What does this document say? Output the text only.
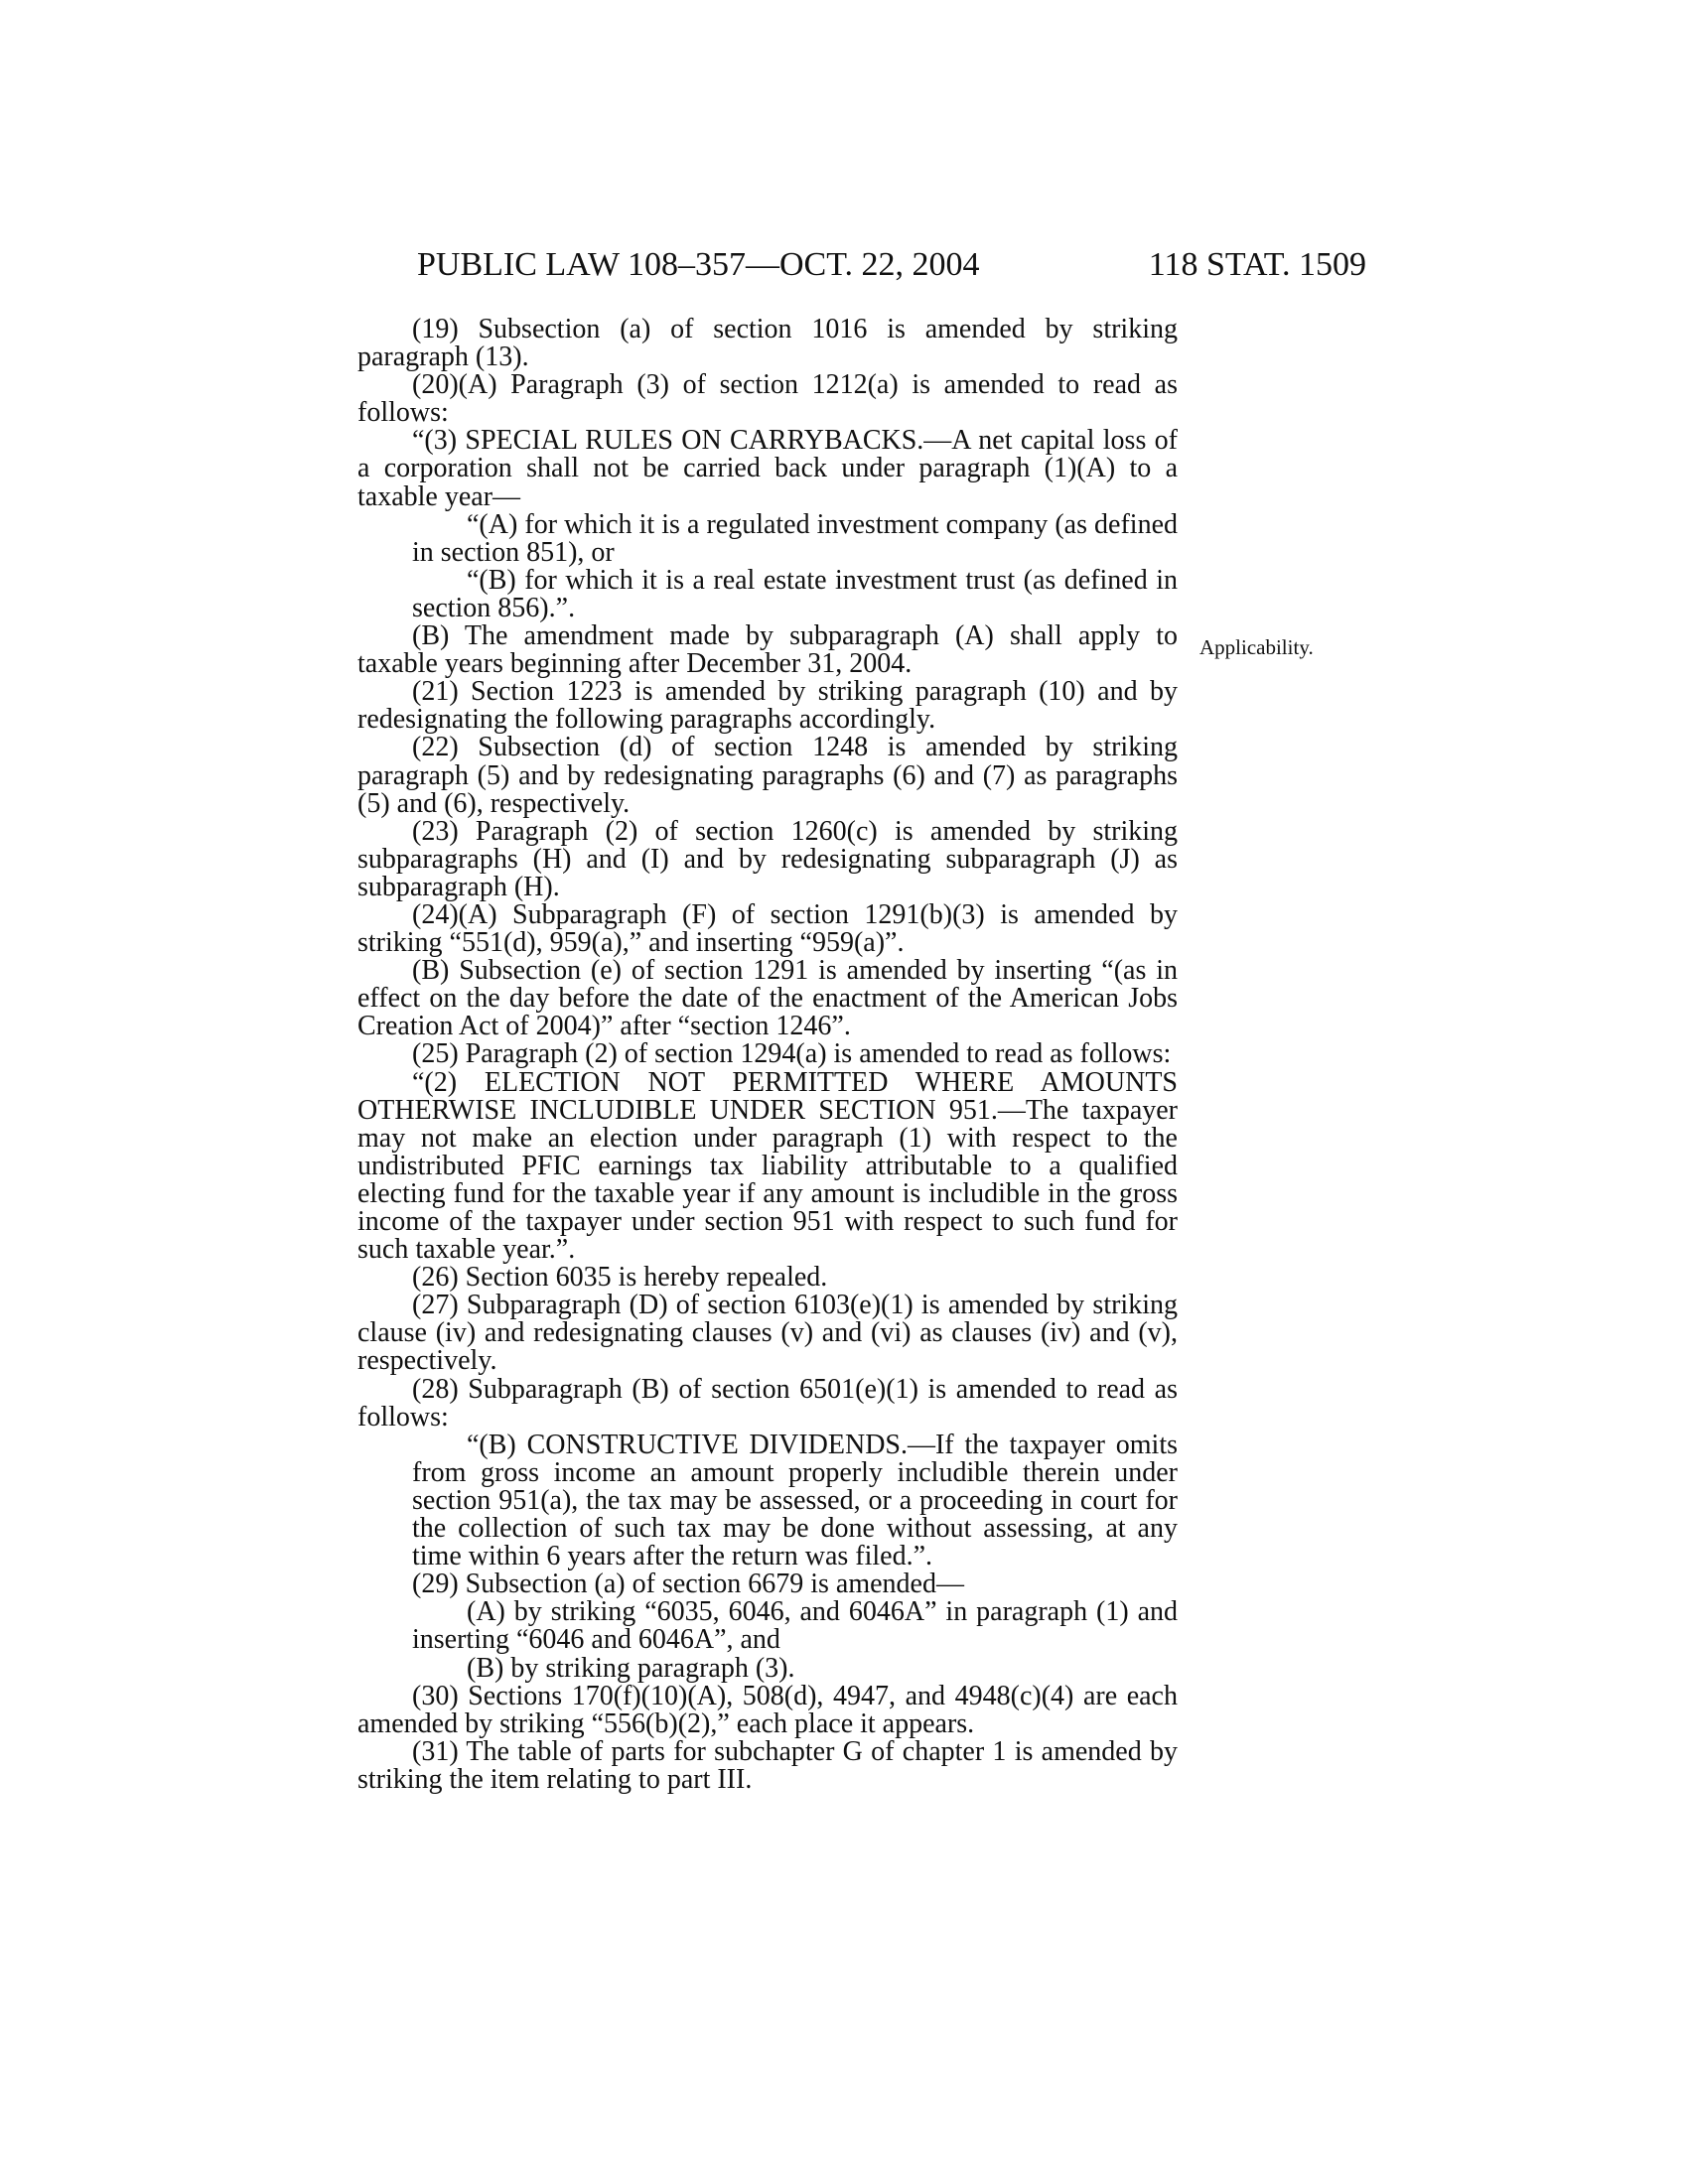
PUBLIC LAW 108–357—OCT. 22, 2004	118 STAT. 1509
Applicability.

(19) Subsection (a) of section 1016 is amended by striking paragraph (13).

(20)(A) Paragraph (3) of section 1212(a) is amended to read as follows:

“(3) SPECIAL RULES ON CARRYBACKS.—A net capital loss of a corporation shall not be carried back under paragraph (1)(A) to a taxable year—

“(A) for which it is a regulated investment company (as defined in section 851), or

“(B) for which it is a real estate investment trust (as defined in section 856).”.

(B) The amendment made by subparagraph (A) shall apply to taxable years beginning after December 31, 2004.

(21) Section 1223 is amended by striking paragraph (10) and by redesignating the following paragraphs accordingly.

(22) Subsection (d) of section 1248 is amended by striking paragraph (5) and by redesignating paragraphs (6) and (7) as paragraphs (5) and (6), respectively.

(23) Paragraph (2) of section 1260(c) is amended by striking subparagraphs (H) and (I) and by redesignating subparagraph (J) as subparagraph (H).

(24)(A) Subparagraph (F) of section 1291(b)(3) is amended by striking “551(d), 959(a),” and inserting “959(a)”.

(B) Subsection (e) of section 1291 is amended by inserting “(as in effect on the day before the date of the enactment of the American Jobs Creation Act of 2004)” after “section 1246”.

(25) Paragraph (2) of section 1294(a) is amended to read as follows:

“(2) ELECTION NOT PERMITTED WHERE AMOUNTS OTHERWISE INCLUDIBLE UNDER SECTION 951.—The taxpayer may not make an election under paragraph (1) with respect to the undistributed PFIC earnings tax liability attributable to a qualified electing fund for the taxable year if any amount is includible in the gross income of the taxpayer under section 951 with respect to such fund for such taxable year.”.

(26) Section 6035 is hereby repealed.

(27) Subparagraph (D) of section 6103(e)(1) is amended by striking clause (iv) and redesignating clauses (v) and (vi) as clauses (iv) and (v), respectively.

(28) Subparagraph (B) of section 6501(e)(1) is amended to read as follows:

“(B) CONSTRUCTIVE DIVIDENDS.—If the taxpayer omits from gross income an amount properly includible therein under section 951(a), the tax may be assessed, or a proceeding in court for the collection of such tax may be done without assessing, at any time within 6 years after the return was filed.”.

(29) Subsection (a) of section 6679 is amended—

(A) by striking “6035, 6046, and 6046A” in paragraph (1) and inserting “6046 and 6046A”, and

(B) by striking paragraph (3).

(30) Sections 170(f)(10)(A), 508(d), 4947, and 4948(c)(4) are each amended by striking “556(b)(2),” each place it appears.

(31) The table of parts for subchapter G of chapter 1 is amended by striking the item relating to part III.
